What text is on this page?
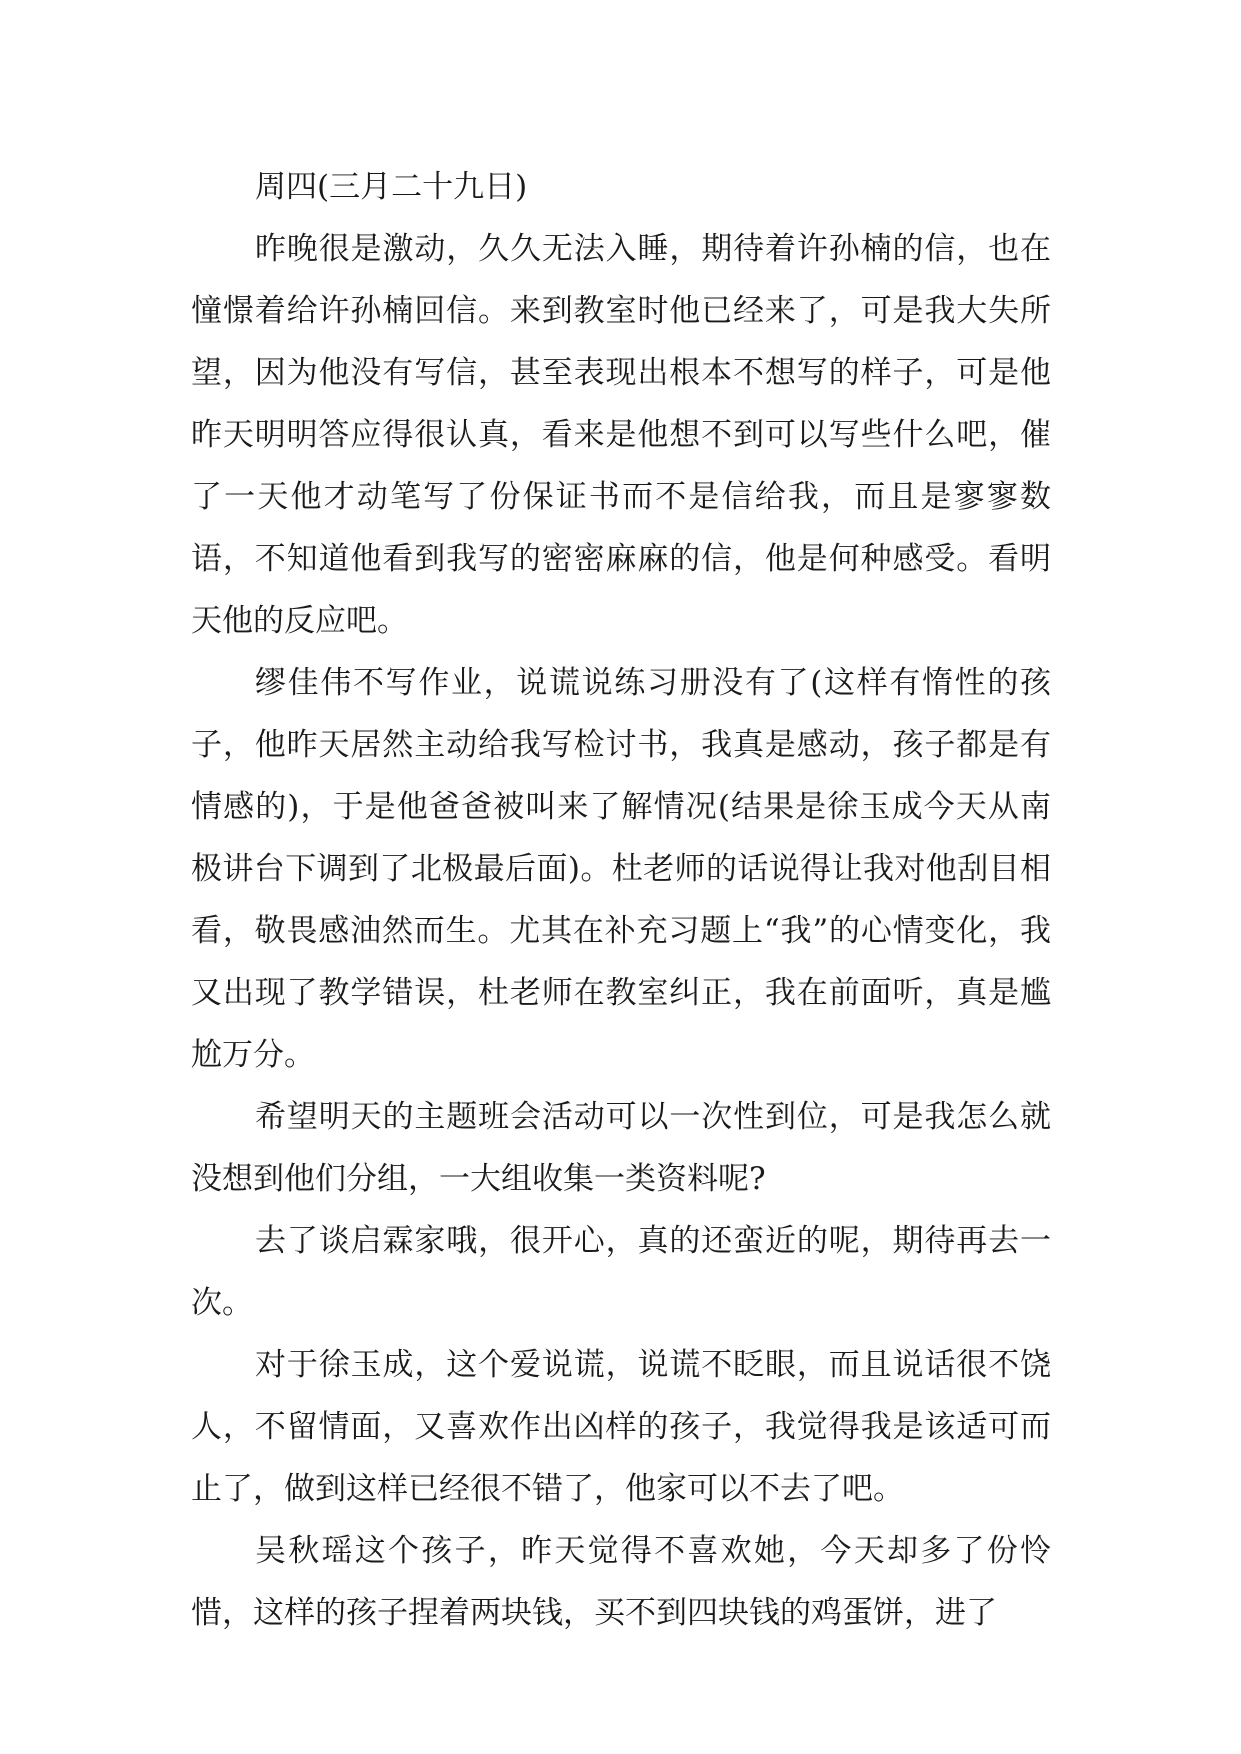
周四(三月二十九日)

昨晚很是激动，久久无法入睡，期待着许孙楠的信，也在憧憬着给许孙楠回信。来到教室时他已经来了，可是我大失所望，因为他没有写信，甚至表现出根本不想写的样子，可是他昨天明明答应得很认真，看来是他想不到可以写些什么吧，催了一天他才动笔写了份保证书而不是信给我，而且是寥寥数语，不知道他看到我写的密密麻麻的信，他是何种感受。看明天他的反应吧。

缪佳伟不写作业，说谎说练习册没有了(这样有惰性的孩子，他昨天居然主动给我写检讨书，我真是感动，孩子都是有情感的)，于是他爸爸被叫来了解情况(结果是徐玉成今天从南极讲台下调到了北极最后面)。杜老师的话说得让我对他刮目相看，敬畏感油然而生。尤其在补充习题上“我”的心情变化，我又出现了教学错误，杜老师在教室纠正，我在前面听，真是尴尬万分。

希望明天的主题班会活动可以一次性到位，可是我怎么就没想到他们分组，一大组收集一类资料呢?

去了谈启霖家哦，很开心，真的还蛮近的呢，期待再去一次。

对于徐玉成，这个爱说谎，说谎不眨眼，而且说话很不饶人，不留情面，又喜欢作出凶样的孩子，我觉得我是该适可而止了，做到这样已经很不错了，他家可以不去了吧。

吴秋瑶这个孩子，昨天觉得不喜欢她，今天却多了份怜惜，这样的孩子捏着两块钱，买不到四块钱的鸡蛋饼，进了
